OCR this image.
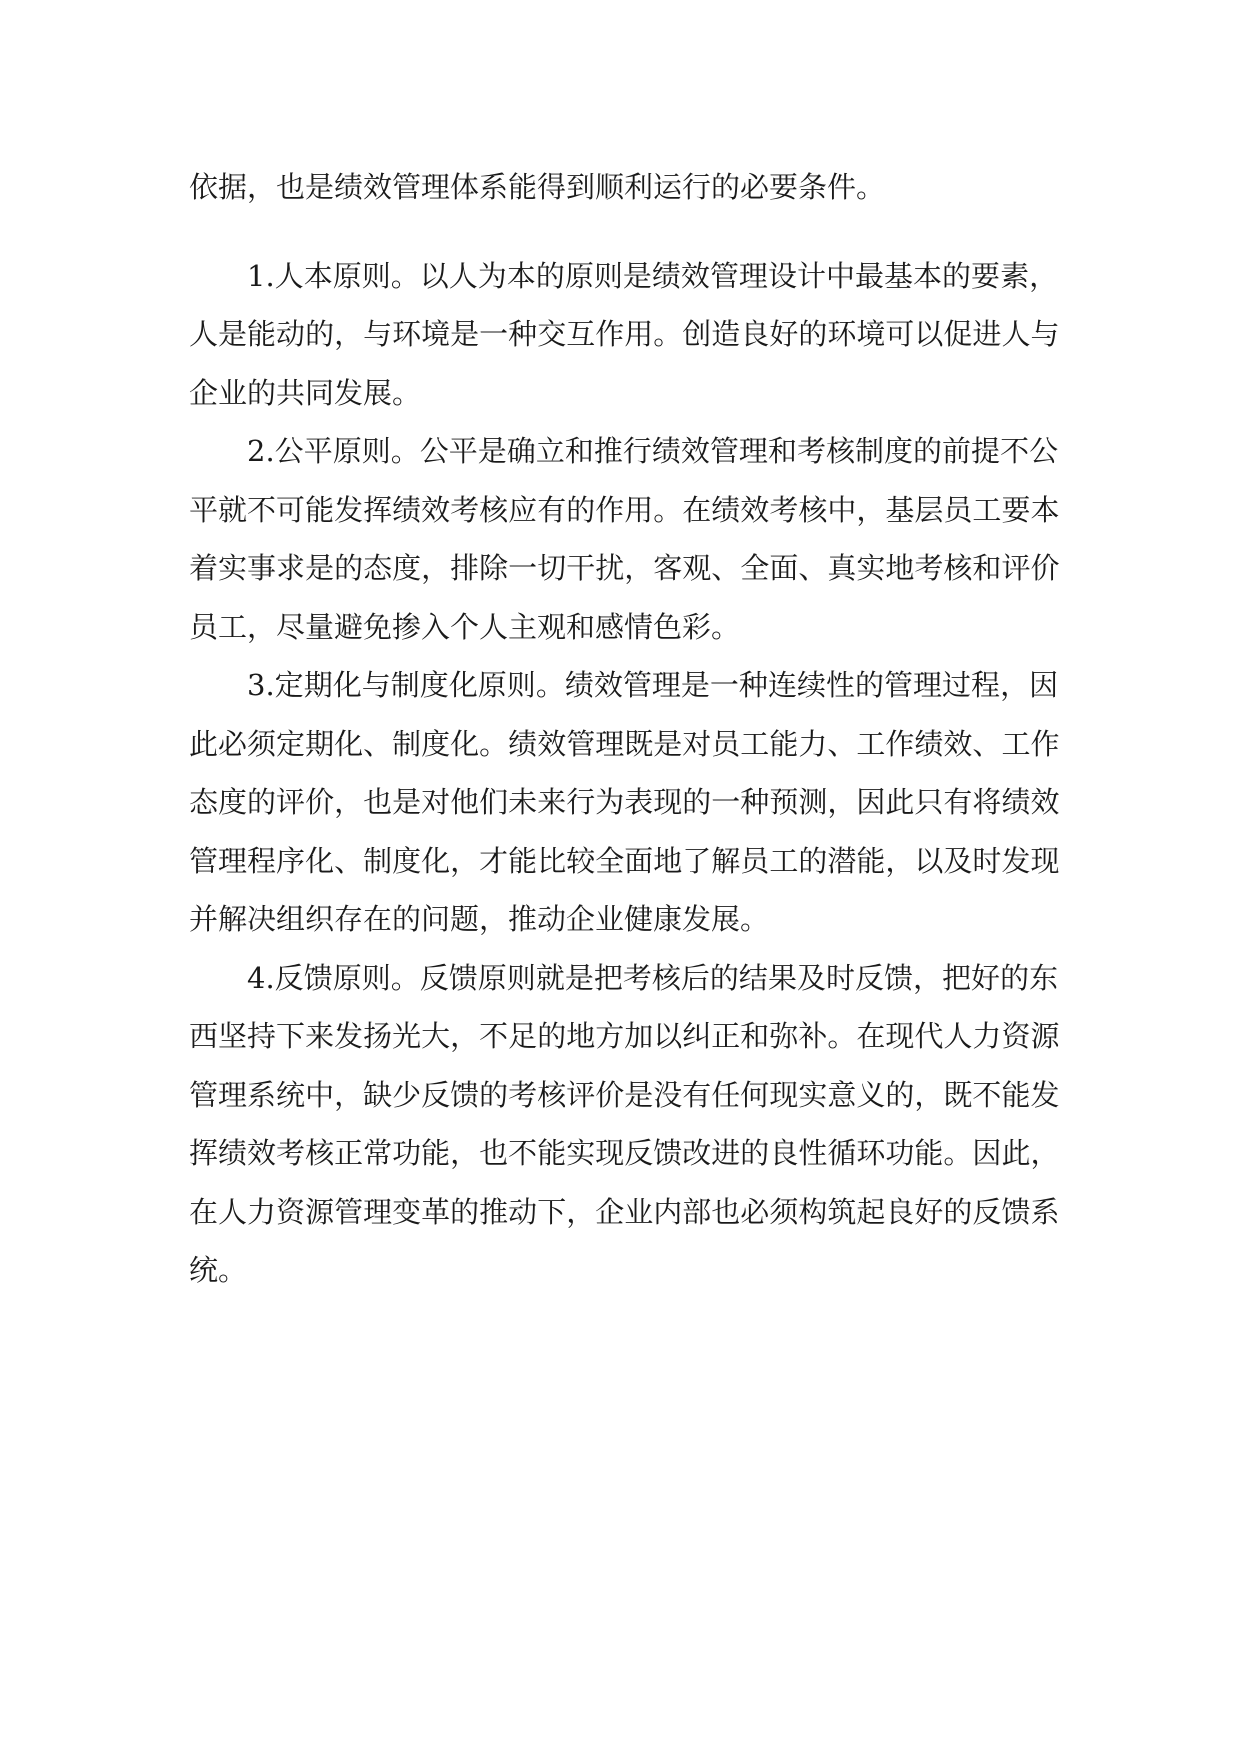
依据，也是绩效管理体系能得到顺利运行的必要条件。
1 . 人 本 原 则 。 以 人 为 本 的 原 则 是 绩 效 管 理 设 计 中 最 基 本 的 要 素 ，
人 是 能 动 的 ， 与 环 境 是 一 种 交 互 作 用 。 创 造 良 好 的 环 境 可 以 促 进 人 与
企业的共同发展。
2 . 公 平 原 则 。 公 平 是 确 立 和 推 行 绩 效 管 理 和 考 核 制 度 的 前 提 不 公
平 就 不 可 能 发 挥 绩 效 考 核 应 有 的 作 用 。 在 绩 效 考 核 中 ， 基 层 员 工 要 本
着 实 事 求 是 的 态 度 ， 排 除 一 切 干 扰 ， 客 观 、 全 面 、 真 实 地 考 核 和 评 价
员工，尽量避免掺入个人主观和感情色彩。
3 . 定 期 化 与 制 度 化 原 则 。 绩 效 管 理 是 一 种 连 续 性 的 管 理 过 程 ， 因
此 必 须 定 期 化 、 制 度 化 。 绩 效 管 理 既 是 对 员 工 能 力 、 工 作 绩 效 、 工 作
态 度 的 评 价 ， 也 是 对 他 们 未 来 行 为 表 现 的 一 种 预 测 ， 因 此 只 有 将 绩 效
管 理 程 序 化 、 制 度 化 ， 才 能 比 较 全 面 地 了 解 员 工 的 潜 能 ， 以 及 时 发 现
并解决组织存在的问题，推动企业健康发展。
4 . 反 馈 原 则 。 反 馈 原 则 就 是 把 考 核 后 的 结 果 及 时 反 馈 ， 把 好 的 东
西 坚 持 下 来 发 扬 光 大 ， 不 足 的 地 方 加 以 纠 正 和 弥 补 。 在 现 代 人 力 资 源
管 理 系 统 中 ， 缺 少 反 馈 的 考 核 评 价 是 没 有 任 何 现 实 意 义 的 ， 既 不 能 发
挥 绩 效 考 核 正 常 功 能 ， 也 不 能 实 现 反 馈 改 进 的 良 性 循 环 功 能 。 因 此 ，
在 人 力 资 源 管 理 变 革 的 推 动 下 ， 企 业 内 部 也 必 须 构 筑 起 良 好 的 反 馈 系
统。
